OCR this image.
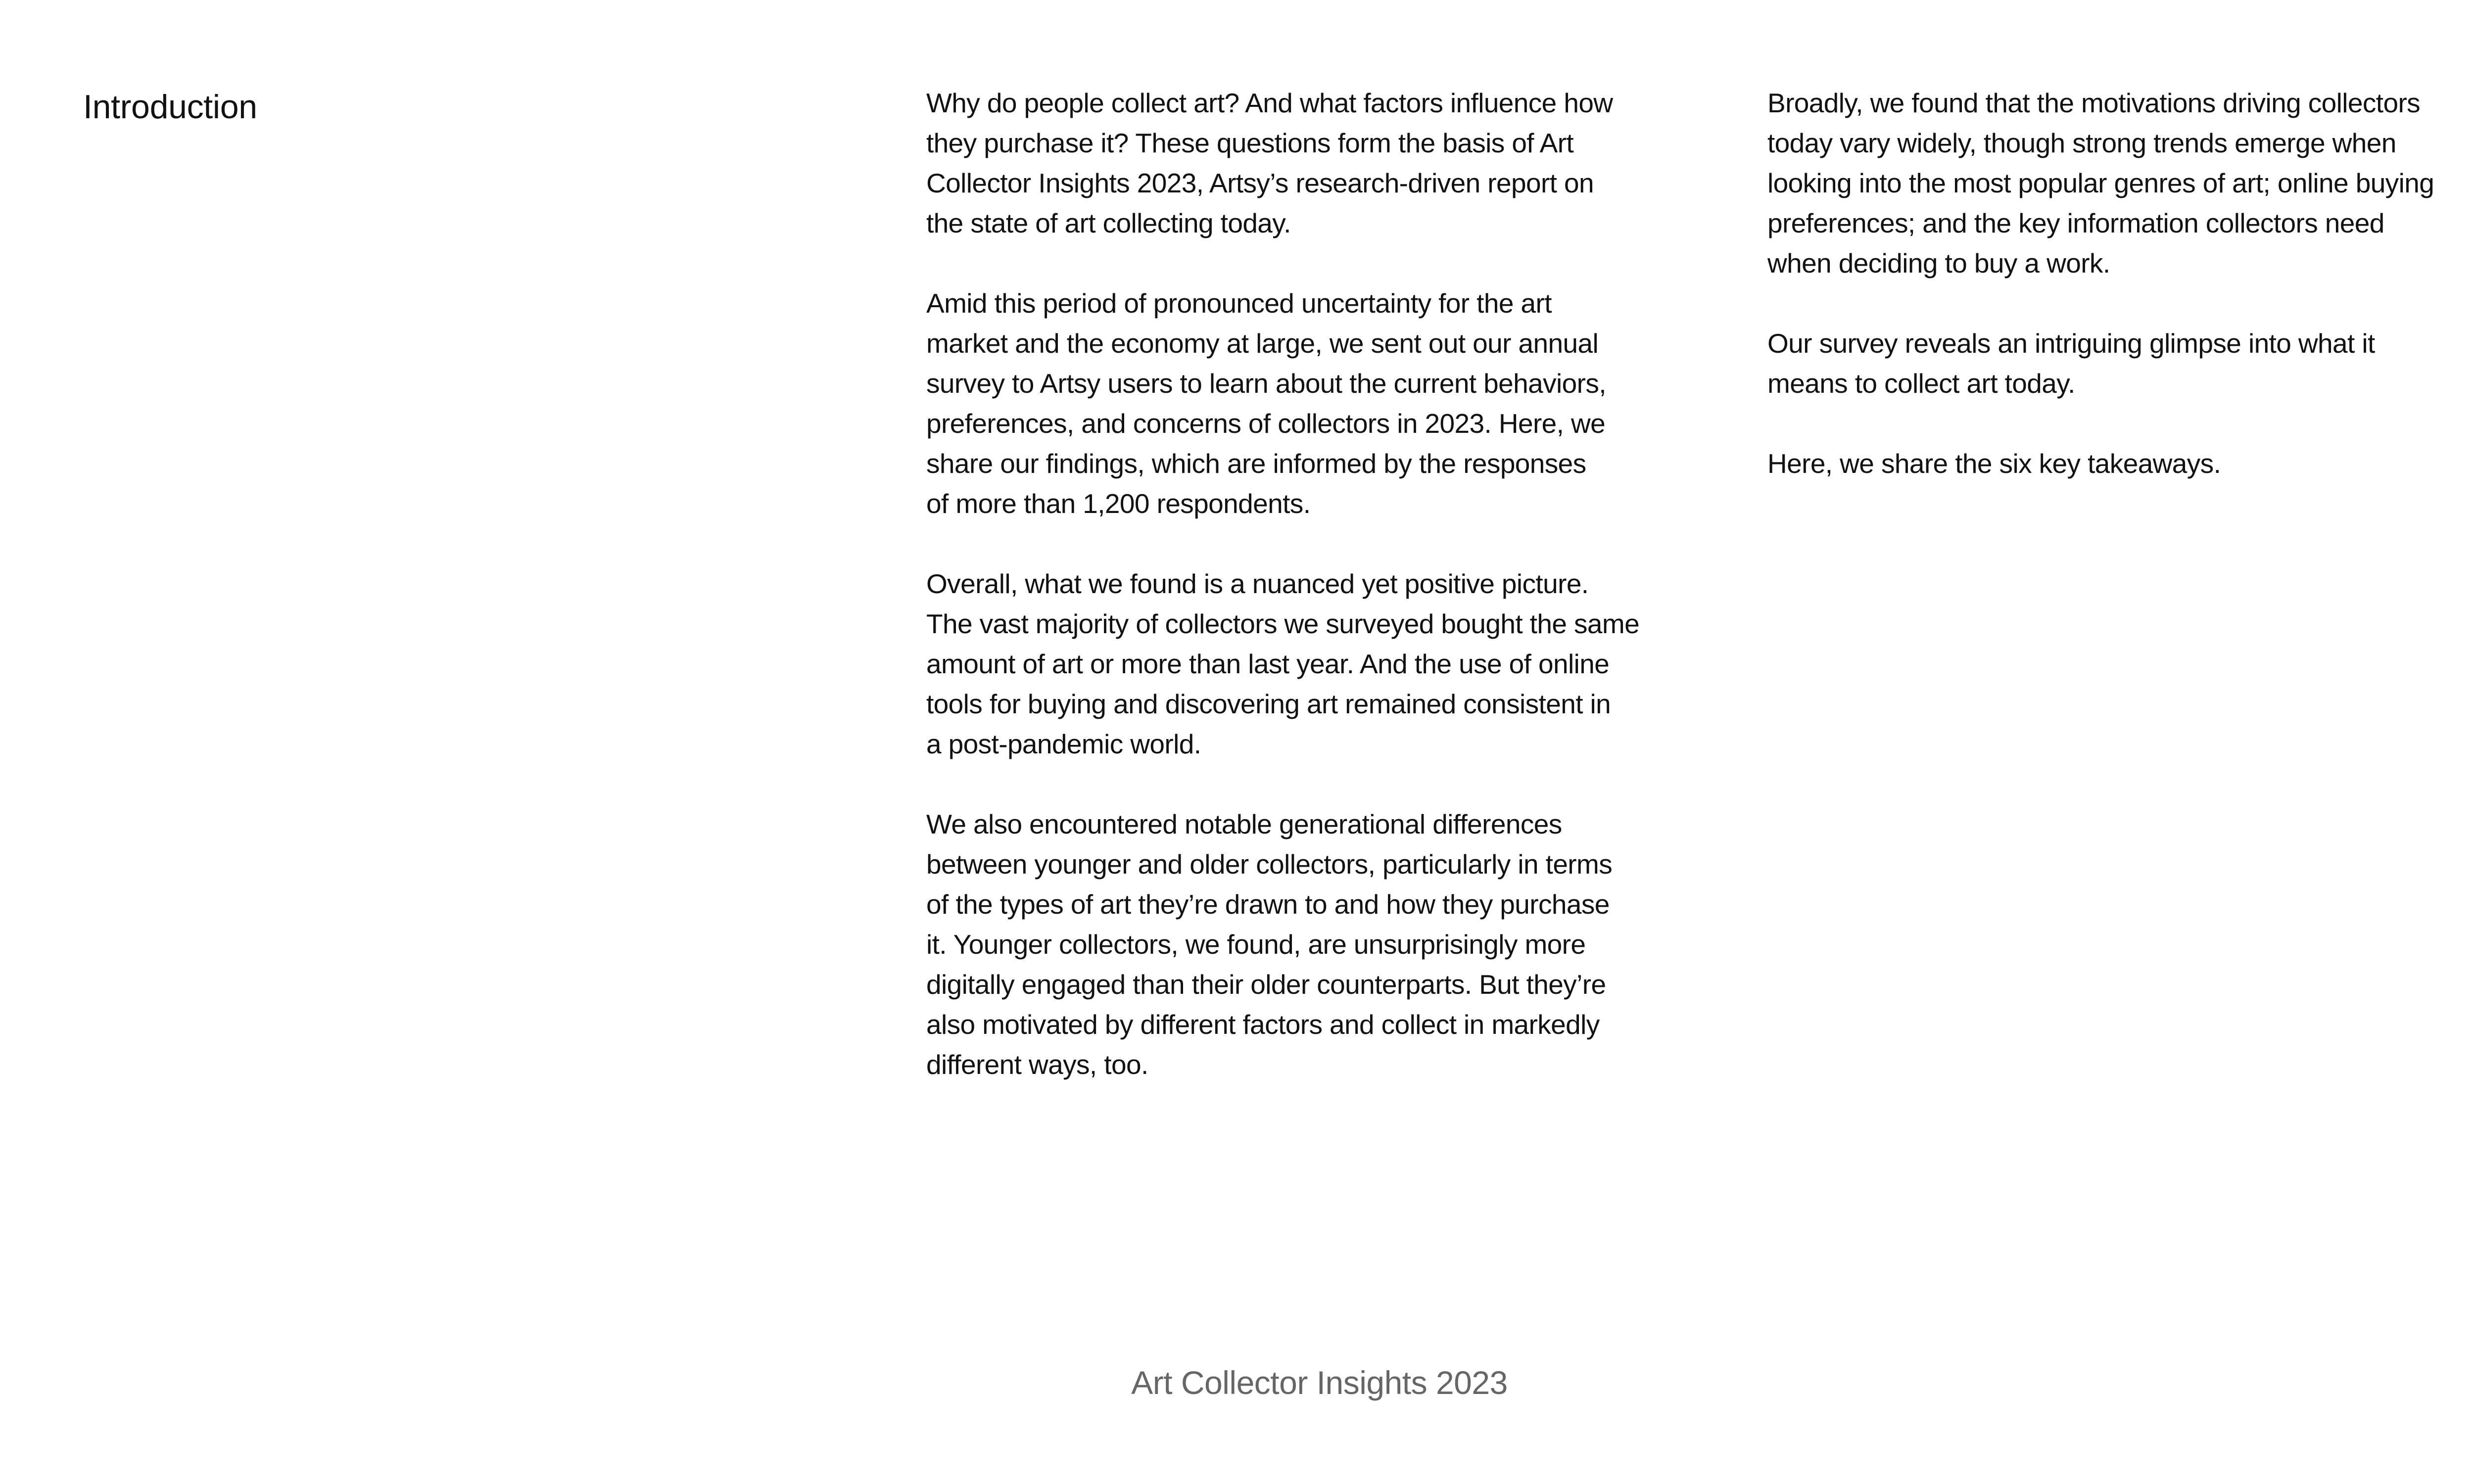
Introduction	Why do people collect art? And what factors influence how
they purchase it? These questions form the basis of Art
Collector Insights 2023, Artsy’s research-driven report on
the state of art collecting today.

Amid this period of pronounced uncertainty for the art
market and the economy at large, we sent out our annual
survey to Artsy users to learn about the current behaviors,
preferences, and concerns of collectors in 2023. Here, we
share our findings, which are informed by the responses
of more than 1,200 respondents.

Overall, what we found is a nuanced yet positive picture.
The vast majority of collectors we surveyed bought the same
amount of art or more than last year. And the use of online
tools for buying and discovering art remained consistent in
a post-pandemic world.

We also encountered notable generational differences
between younger and older collectors, particularly in terms
of the types of art they’re drawn to and how they purchase
it. Younger collectors, we found, are unsurprisingly more
digitally engaged than their older counterparts. But they’re
also motivated by different factors and collect in markedly
different ways, too.

Broadly, we found that the motivations driving collectors
today vary widely, though strong trends emerge when
looking into the most popular genres of art; online buying
preferences; and the key information collectors need
when deciding to buy a work.

Our survey reveals an intriguing glimpse into what it
means to collect art today.

Here, we share the six key takeaways.

Art Collector Insights 2023
